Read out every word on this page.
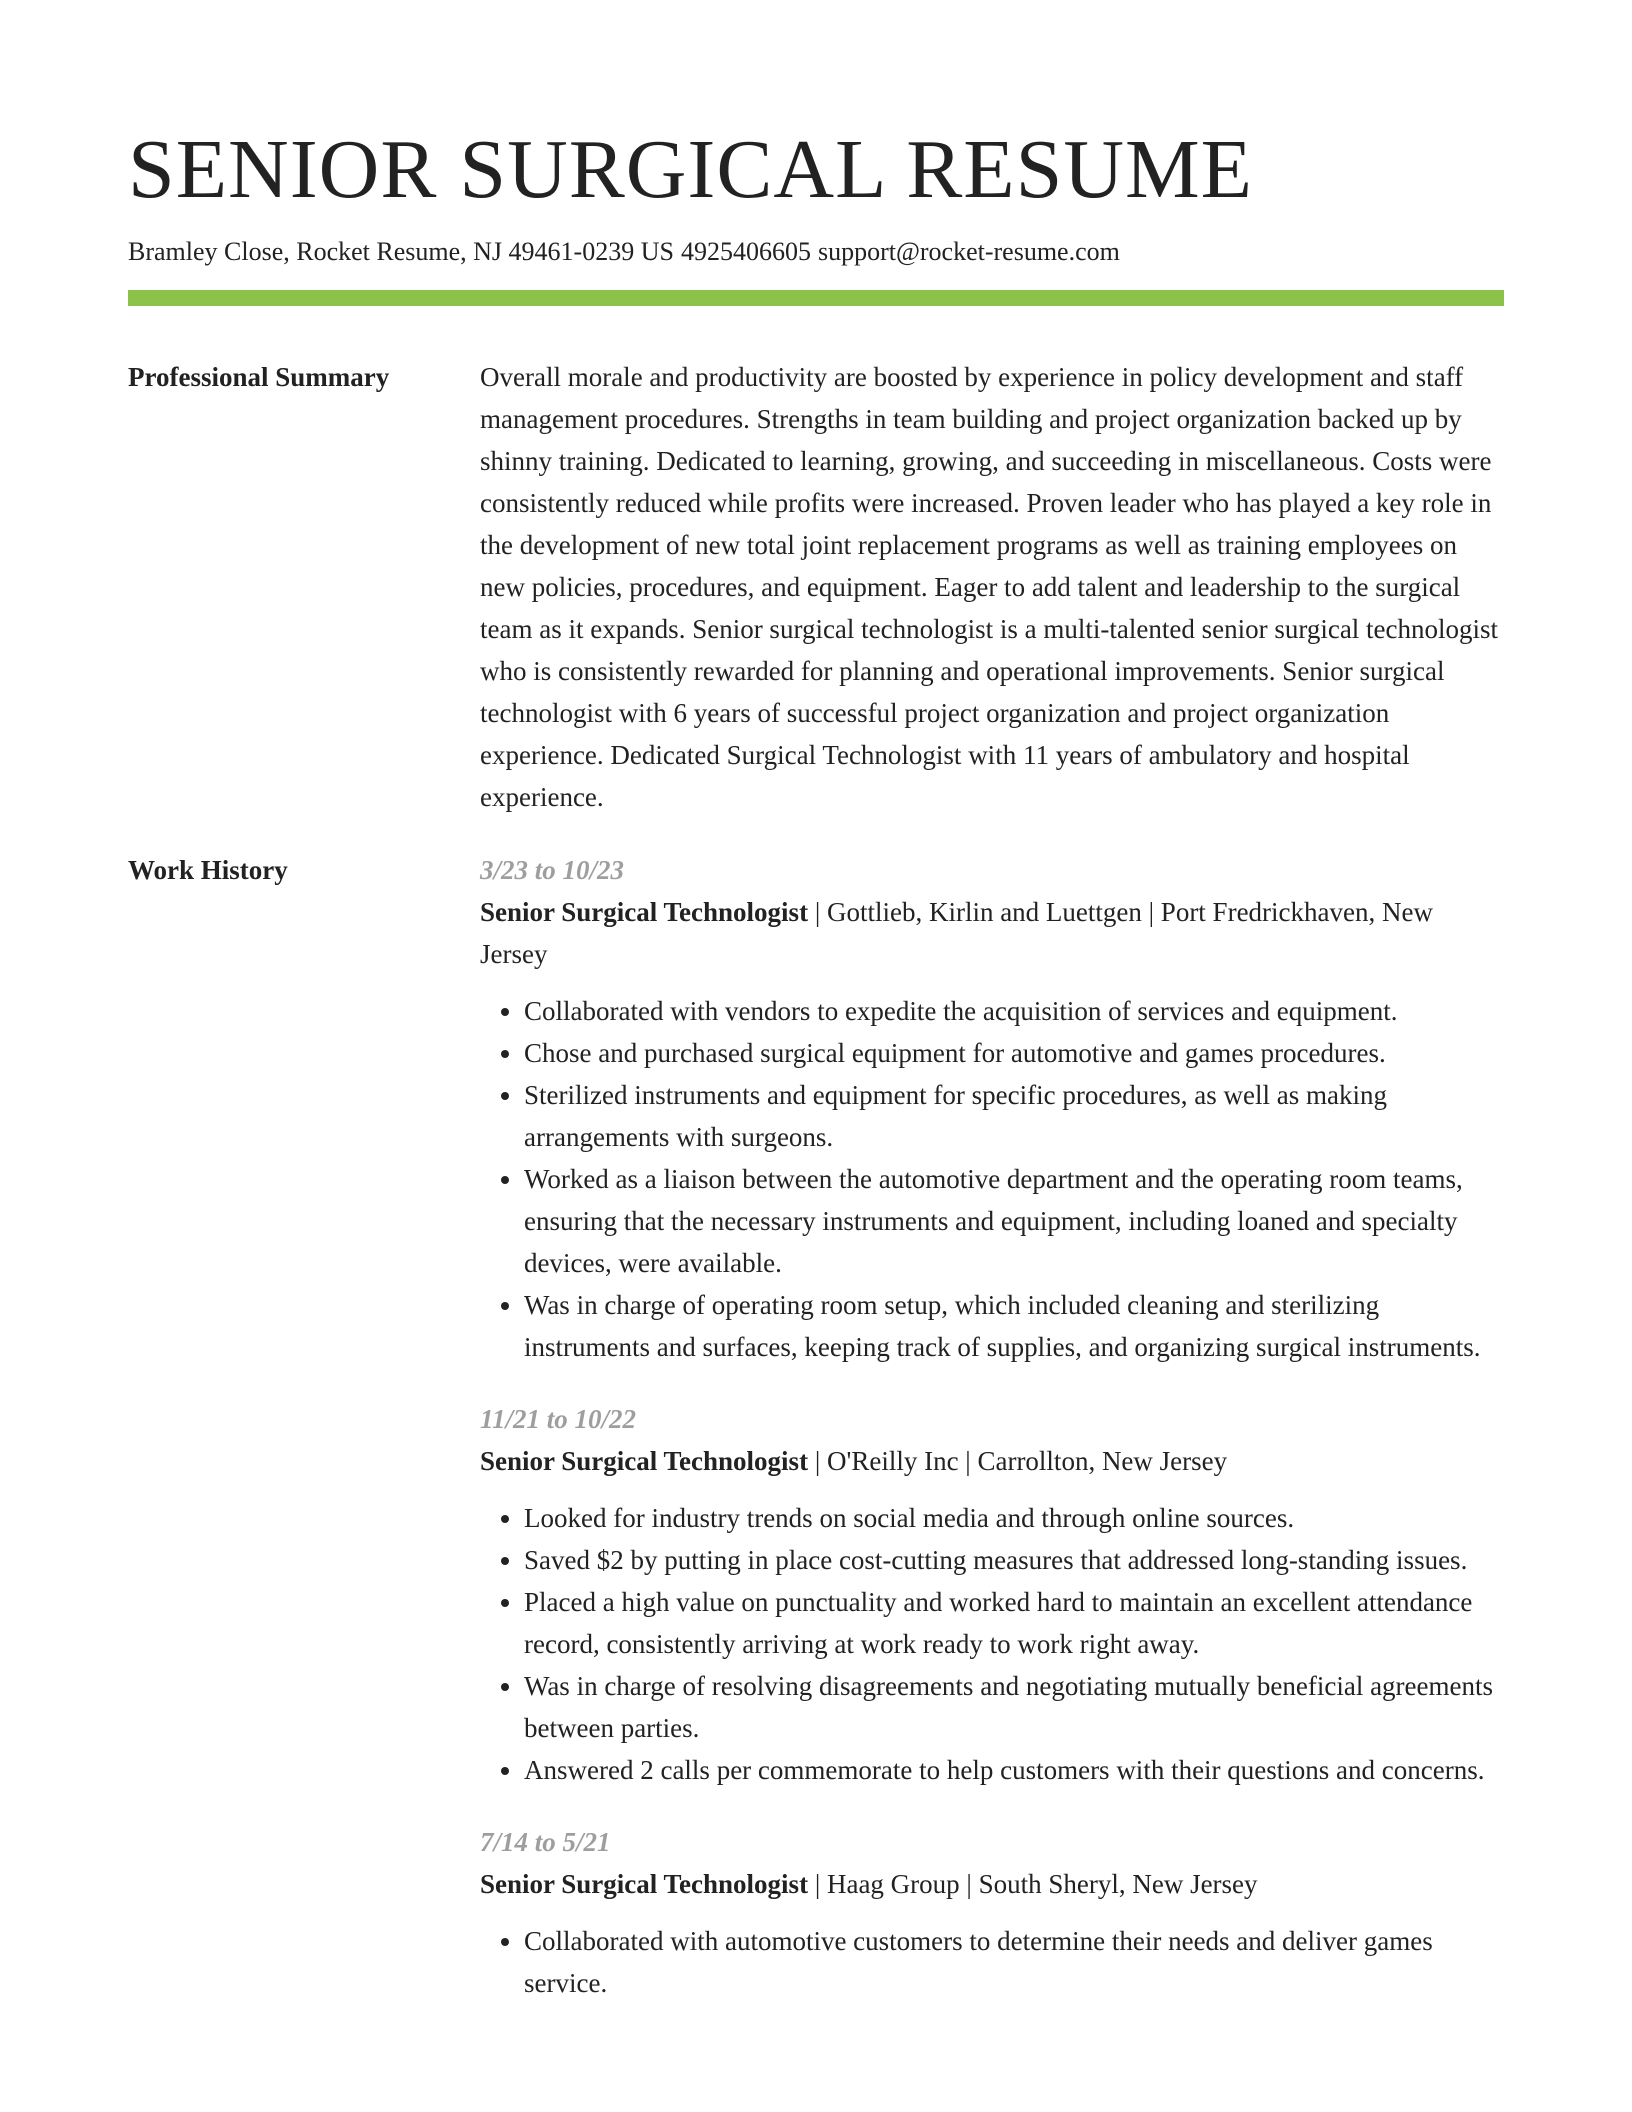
SENIOR SURGICAL RESUME
Bramley Close, Rocket Resume, NJ 49461-0239 US 4925406605 support@rocket-resume.com
Professional Summary	Overall morale and productivity are boosted by experience in policy development and staff management procedures. Strengths in team building and project organization backed up by shinny training. Dedicated to learning, growing, and succeeding in miscellaneous. Costs were consistently reduced while profits were increased. Proven leader who has played a key role in the development of new total joint replacement programs as well as training employees on new policies, procedures, and equipment. Eager to add talent and leadership to the surgical team as it expands. Senior surgical technologist is a multi-talented senior surgical technologist who is consistently rewarded for planning and operational improvements. Senior surgical technologist with 6 years of successful project organization and project organization experience. Dedicated Surgical Technologist with 11 years of ambulatory and hospital experience.

Work History	3/23 to 10/23
Senior Surgical Technologist | Gottlieb, Kirlin and Luettgen | Port Fredrickhaven, New Jersey
• Collaborated with vendors to expedite the acquisition of services and equipment.
• Chose and purchased surgical equipment for automotive and games procedures.
• Sterilized instruments and equipment for specific procedures, as well as making arrangements with surgeons.
• Worked as a liaison between the automotive department and the operating room teams, ensuring that the necessary instruments and equipment, including loaned and specialty devices, were available.
• Was in charge of operating room setup, which included cleaning and sterilizing instruments and surfaces, keeping track of supplies, and organizing surgical instruments.
11/21 to 10/22
Senior Surgical Technologist | O'Reilly Inc | Carrollton, New Jersey
• Looked for industry trends on social media and through online sources.
• Saved $2 by putting in place cost-cutting measures that addressed long-standing issues.
• Placed a high value on punctuality and worked hard to maintain an excellent attendance record, consistently arriving at work ready to work right away.
• Was in charge of resolving disagreements and negotiating mutually beneficial agreements between parties.
• Answered 2 calls per commemorate to help customers with their questions and concerns.
7/14 to 5/21
Senior Surgical Technologist | Haag Group | South Sheryl, New Jersey
• Collaborated with automotive customers to determine their needs and deliver games service.
